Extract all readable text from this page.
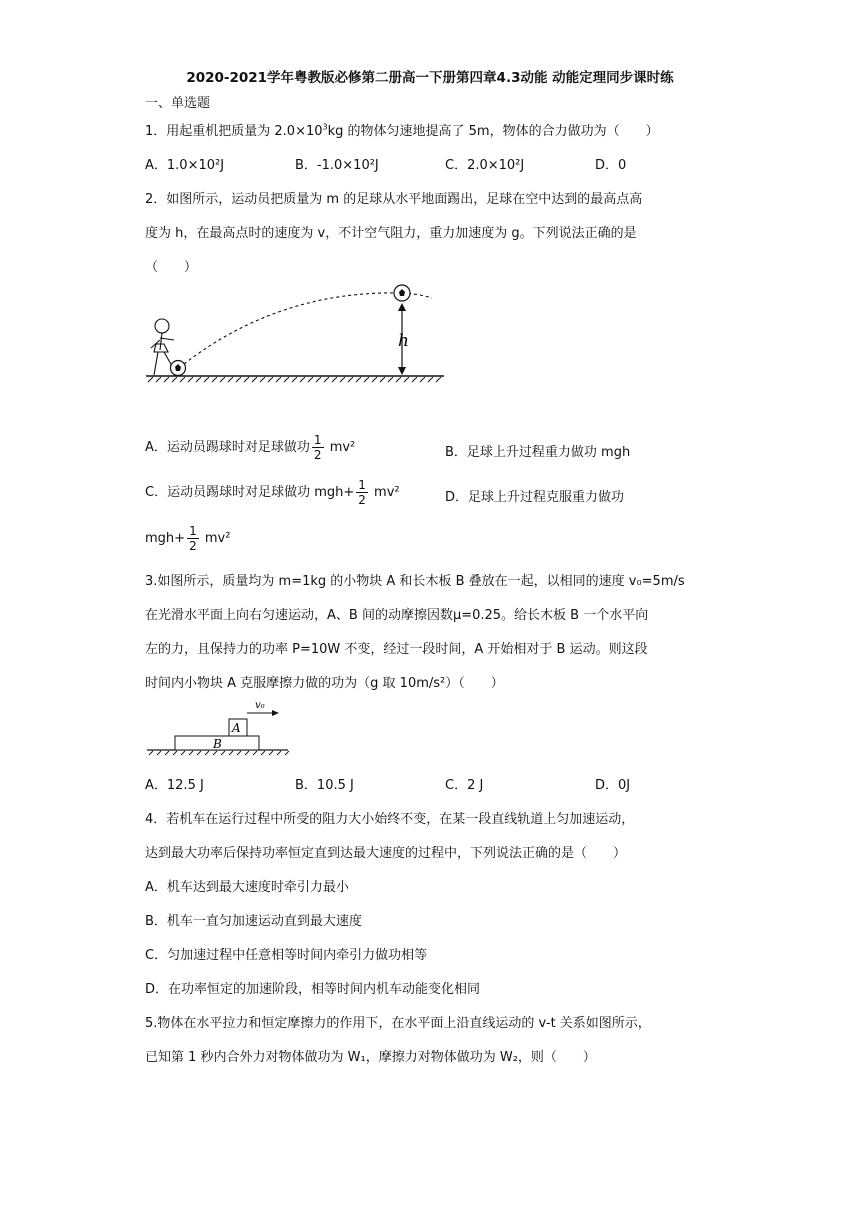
2020-2021学年粤教版必修第二册高一下册第四章4.3动能 动能定理同步课时练
一、单选题
1．用起重机把质量为 $2.0\times 10^3kg$ 的物体匀速地提高了 5m，物体的合力做功为（　　）
A．1.0×10²J	B．-1.0×10²J	C．2.0×10²J	D．0
2．如图所示，运动员把质量为 m 的足球从水平地面踢出，足球在空中达到的最高点高
度为 h，在最高点时的速度为 v，不计空气阻力，重力加速度为 g。下列说法正确的是
（　　）
h
A．运动员踢球时对足球做功 $\frac{1}{2} mv^2$	B．足球上升过程重力做功 mgh
C．运动员踢球时对足球做功 $mgh+ \frac{1}{2} mv^2$	D．足球上升过程克服重力做功
$mgh+ \frac{1}{2} mv^2$
3.如图所示，质量均为 m=1kg 的小物块 A 和长木板 B 叠放在一起，以相同的速度 v₀=5m/s
在光滑水平面上向右匀速运动，A、B 间的动摩擦因数μ=0.25。给长木板 B 一个水平向
左的力，且保持力的功率 P=10W 不变，经过一段时间，A 开始相对于 B 运动。则这段
时间内小物块 A 克服摩擦力做的功为（g 取 10m/s²）（　　）
A
B
v₀
A．12.5 J	B．10.5 J	C．2 J	D．0J
4．若机车在运行过程中所受的阻力大小始终不变，在某一段直线轨道上匀加速运动，
达到最大功率后保持功率恒定直到达最大速度的过程中，下列说法正确的是（　　）
A．机车达到最大速度时牵引力最小
B．机车一直匀加速运动直到最大速度
C．匀加速过程中任意相等时间内牵引力做功相等
D．在功率恒定的加速阶段，相等时间内机车动能变化相同
5.物体在水平拉力和恒定摩擦力的作用下，在水平面上沿直线运动的 v-t 关系如图所示，
已知第 1 秒内合外力对物体做功为 W₁，摩擦力对物体做功为 W₂，则（　　）
